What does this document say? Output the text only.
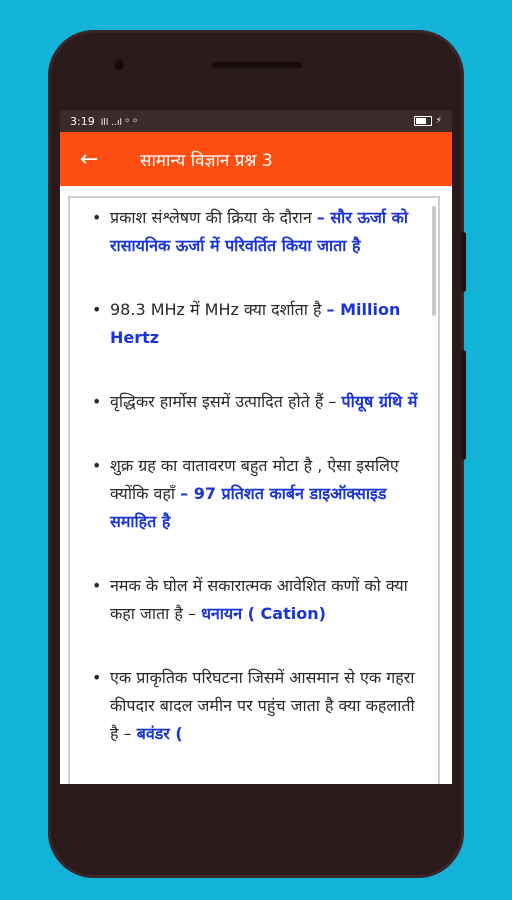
3:19 Ill ..ıl ꙳ ꙳	⚡
←	सामान्य विज्ञान प्रश्न 3
• प्रकाश संश्लेषण की क्रिया के दौरान – सौर ऊर्जा को रासायनिक ऊर्जा में परिवर्तित किया जाता है
• 98.3 MHz में MHz क्या दर्शाता है – Million Hertz
• वृद्धिकर हार्मोस इसमें उत्पादित होते हैं – पीयूष ग्रंथि में
• शुक्र ग्रह का वातावरण बहुत मोटा है , ऐसा इसलिए क्योंकि वहाँ – 97 प्रतिशत कार्बन डाइऑक्साइड समाहित है
• नमक के घोल में सकारात्मक आवेशित कणों को क्या कहा जाता है – धनायन ( Cation)
• एक प्राकृतिक परिघटना जिसमें आसमान से एक गहरा कीपदार बादल जमीन पर पहुंच जाता है क्या कहलाती है – बवंडर (
